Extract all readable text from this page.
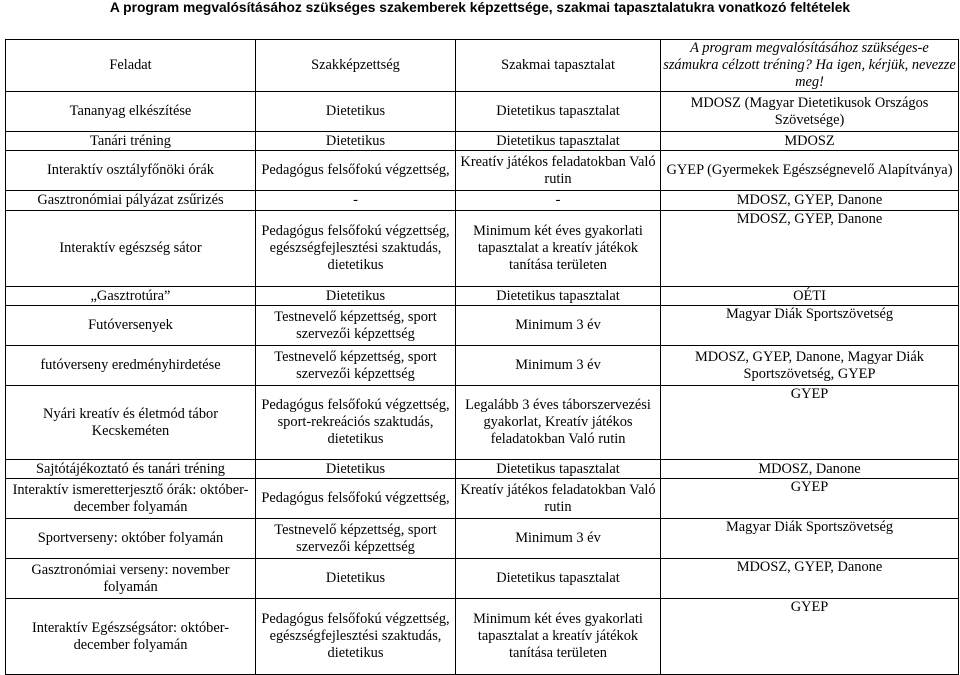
A program megvalósításához szükséges szakemberek képzettsége, szakmai tapasztalatukra vonatkozó feltételek
Feladat	Szakképzettség	Szakmai tapasztalat	A program megvalósításához szükséges-e számukra célzott tréning? Ha igen, kérjük, nevezze meg!
Tananyag elkészítése	Dietetikus	Dietetikus tapasztalat	MDOSZ (Magyar Dietetikusok Országos Szövetsége)
Tanári tréning	Dietetikus	Dietetikus tapasztalat	MDOSZ
Interaktív osztályfőnöki órák	Pedagógus felsőfokú végzettség,	Kreatív játékos feladatokban Való rutin	GYEP (Gyermekek Egészségnevelő Alapítványa)
Gasztronómiai pályázat zsűrizés	-	-	MDOSZ, GYEP, Danone
Interaktív egészség sátor	Pedagógus felsőfokú végzettség, egészségfejlesztési szaktudás, dietetikus	Minimum két éves gyakorlati tapasztalat a kreatív játékok tanítása területen	MDOSZ, GYEP, Danone
„Gasztrotúra”	Dietetikus	Dietetikus tapasztalat	OÉTI
Futóversenyek	Testnevelő képzettség, sport szervezői képzettség	Minimum 3 év	Magyar Diák Sportszövetség
futóverseny eredményhirdetése	Testnevelő képzettség, sport szervezői képzettség	Minimum 3 év	MDOSZ, GYEP, Danone, Magyar Diák Sportszövetség, GYEP
Nyári kreatív és életmód tábor Kecskeméten	Pedagógus felsőfokú végzettség, sport-rekreációs szaktudás, dietetikus	Legalább 3 éves táborszervezési gyakorlat, Kreatív játékos feladatokban Való rutin	GYEP
Sajtótájékoztató és tanári tréning	Dietetikus	Dietetikus tapasztalat	MDOSZ, Danone
Interaktív ismeretterjesztő órák: október-december folyamán	Pedagógus felsőfokú végzettség,	Kreatív játékos feladatokban Való rutin	GYEP
Sportverseny: október folyamán	Testnevelő képzettség, sport szervezői képzettség	Minimum 3 év	Magyar Diák Sportszövetség
Gasztronómiai verseny: november folyamán	Dietetikus	Dietetikus tapasztalat	MDOSZ, GYEP, Danone
Interaktív Egészségsátor: október-december folyamán	Pedagógus felsőfokú végzettség, egészségfejlesztési szaktudás, dietetikus	Minimum két éves gyakorlati tapasztalat a kreatív játékok tanítása területen	GYEP
